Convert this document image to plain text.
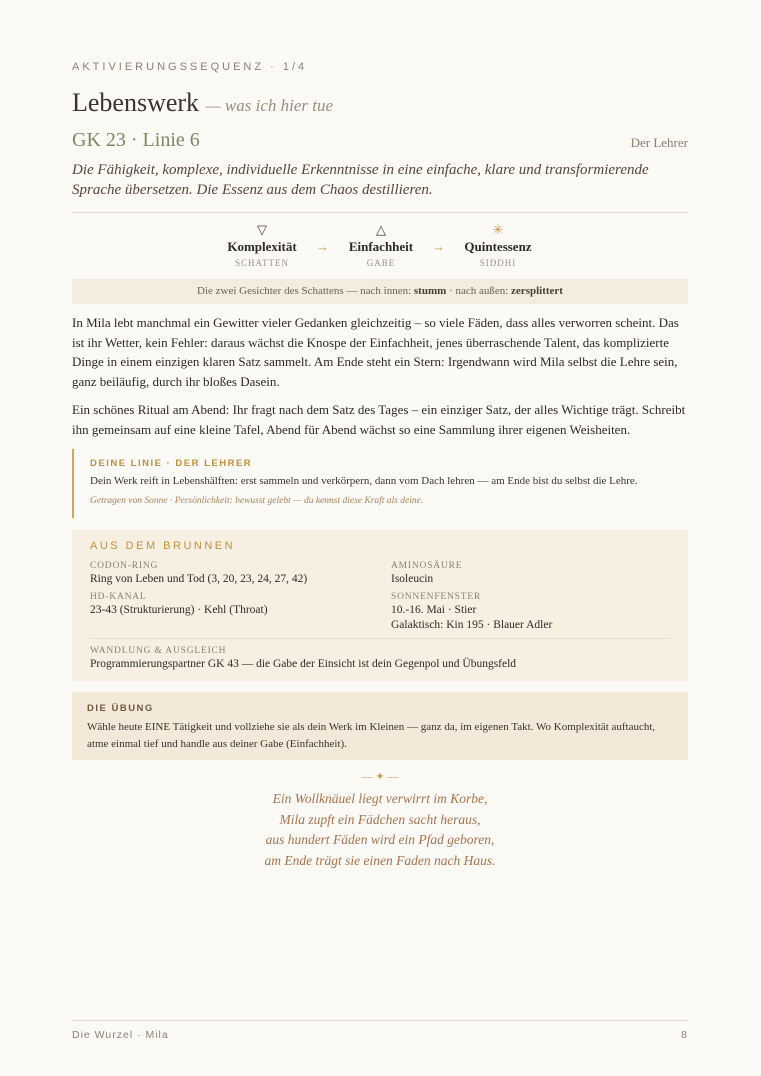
AKTIVIERUNGSSEQUENZ · 1/4
Lebenswerk — was ich hier tue
GK 23 · Linie 6	Der Lehrer
Die Fähigkeit, komplexe, individuelle Erkenntnisse in eine einfache, klare und transformierende Sprache übersetzen. Die Essenz aus dem Chaos destillieren.
▽
Komplexität
SCHATTEN
→
△
Einfachheit
GABE
→
✳
Quintessenz
SIDDHI
Die zwei Gesichter des Schattens — nach innen: stumm · nach außen: zersplittert
In Mila lebt manchmal ein Gewitter vieler Gedanken gleichzeitig – so viele Fäden, dass alles verworren scheint. Das ist ihr Wetter, kein Fehler: daraus wächst die Knospe der Einfachheit, jenes überraschende Talent, das komplizierte Dinge in einem einzigen klaren Satz sammelt. Am Ende steht ein Stern: Irgendwann wird Mila selbst die Lehre sein, ganz beiläufig, durch ihr bloßes Dasein.
Ein schönes Ritual am Abend: Ihr fragt nach dem Satz des Tages – ein einziger Satz, der alles Wichtige trägt. Schreibt ihn gemeinsam auf eine kleine Tafel, Abend für Abend wächst so eine Sammlung ihrer eigenen Weisheiten.
DEINE LINIE · DER LEHRER
Dein Werk reift in Lebenshälften: erst sammeln und verkörpern, dann vom Dach lehren — am Ende bist du selbst die Lehre.
Getragen von Sonne · Persönlichkeit: bewusst gelebt — du kennst diese Kraft als deine.
AUS DEM BRUNNEN
CODON-RING
Ring von Leben und Tod (3, 20, 23, 24, 27, 42)
AMINOSÄURE
Isoleucin
HD-KANAL
23-43 (Strukturierung) · Kehl (Throat)
SONNENFENSTER
10.-16. Mai · Stier
Galaktisch: Kin 195 · Blauer Adler
WANDLUNG & AUSGLEICH
Programmierungspartner GK 43 — die Gabe der Einsicht ist dein Gegenpol und Übungsfeld
DIE ÜBUNG
Wähle heute EINE Tätigkeit und vollziehe sie als dein Werk im Kleinen — ganz da, im eigenen Takt. Wo Komplexität auftaucht, atme einmal tief und handle aus deiner Gabe (Einfachheit).
— ✦ —
Ein Wollknäuel liegt verwirrt im Korbe,
Mila zupft ein Fädchen sacht heraus,
aus hundert Fäden wird ein Pfad geboren,
am Ende trägt sie einen Faden nach Haus.
Die Wurzel · Mila	8
